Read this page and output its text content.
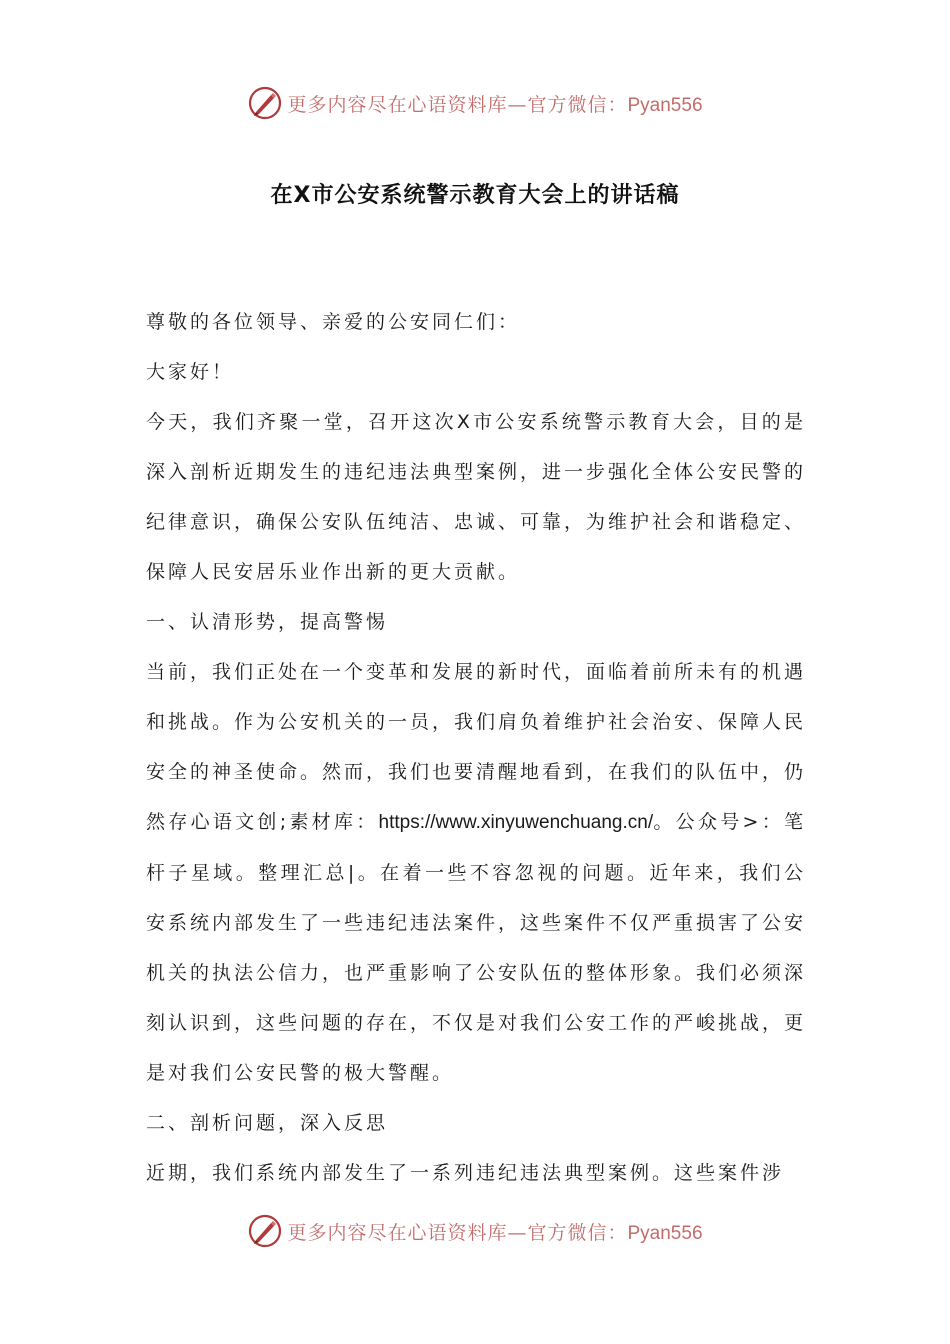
更多内容尽在心语资料库—官方微信：Pyan556
在X市公安系统警示教育大会上的讲话稿

尊敬的各位领导、亲爱的公安同仁们：

大家好！

今天，我们齐聚一堂，召开这次X市公安系统警示教育大会，目的是深入剖析近期发生的违纪违法典型案例，进一步强化全体公安民警的纪律意识，确保公安队伍纯洁、忠诚、可靠，为维护社会和谐稳定、保障人民安居乐业作出新的更大贡献。

一、认清形势，提高警惕

当前，我们正处在一个变革和发展的新时代，面临着前所未有的机遇和挑战。作为公安机关的一员，我们肩负着维护社会治安、保障人民安全的神圣使命。然而，我们也要清醒地看到，在我们的队伍中，仍然存心语文创;素材库：https://www.xinyuwenchuang.cn/。公众号>：笔杆子星域。整理汇总|。在着一些不容忽视的问题。近年来，我们公安系统内部发生了一些违纪违法案件，这些案件不仅严重损害了公安机关的执法公信力，也严重影响了公安队伍的整体形象。我们必须深刻认识到，这些问题的存在，不仅是对我们公安工作的严峻挑战，更是对我们公安民警的极大警醒。

二、剖析问题，深入反思

近期，我们系统内部发生了一系列违纪违法典型案例。这些案件涉

更多内容尽在心语资料库—官方微信：Pyan556
